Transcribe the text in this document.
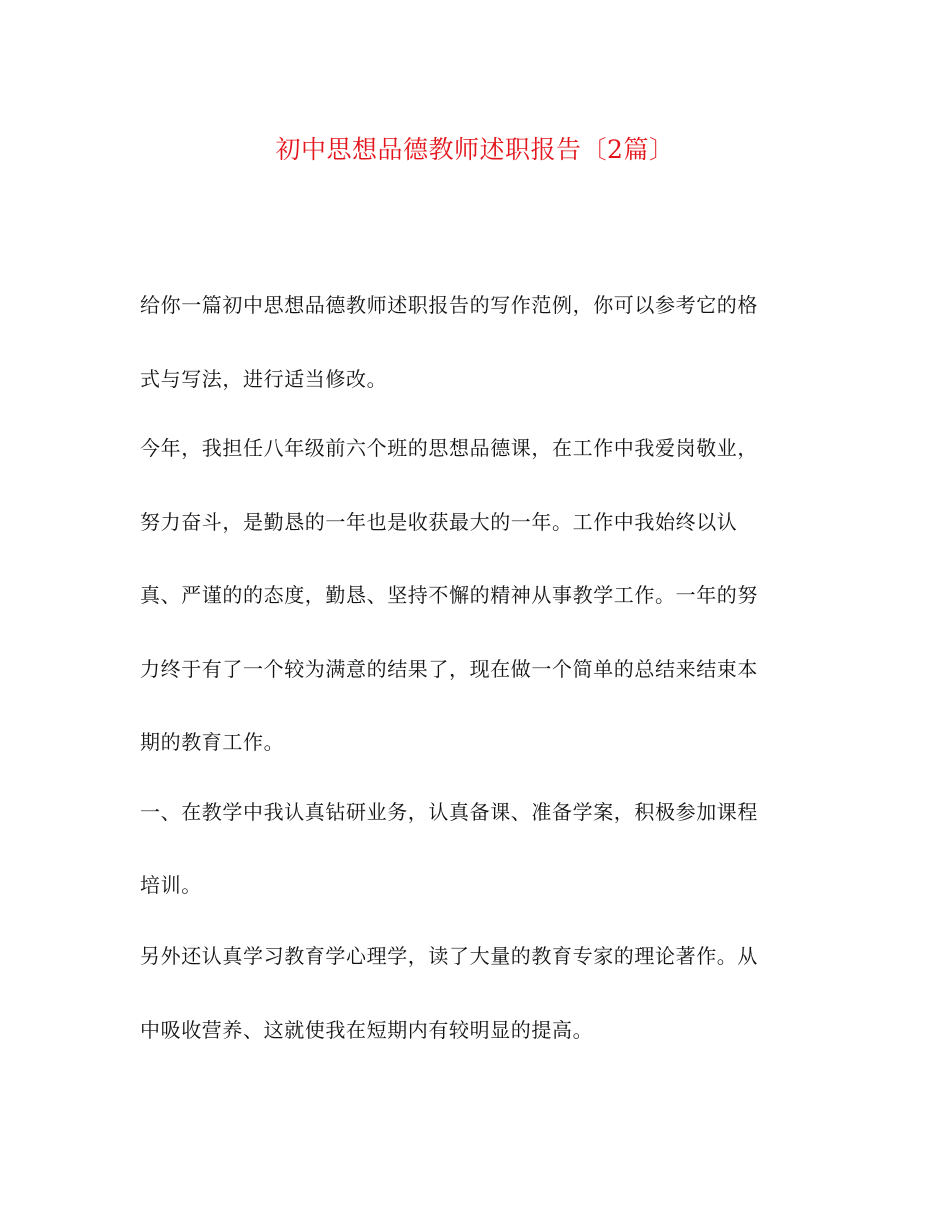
初中思想品德教师述职报告〔2篇〕
给你一篇初中思想品德教师述职报告的写作范例，你可以参考它的格
式与写法，进行适当修改。
今年，我担任八年级前六个班的思想品德课，在工作中我爱岗敬业，
努力奋斗，是勤恳的一年也是收获最大的一年。工作中我始终以认
真、严谨的的态度，勤恳、坚持不懈的精神从事教学工作。一年的努
力终于有了一个较为满意的结果了，现在做一个简单的总结来结束本
期的教育工作。
一、在教学中我认真钻研业务，认真备课、准备学案，积极参加课程
培训。
另外还认真学习教育学心理学，读了大量的教育专家的理论著作。从
中吸收营养、这就使我在短期内有较明显的提高。
